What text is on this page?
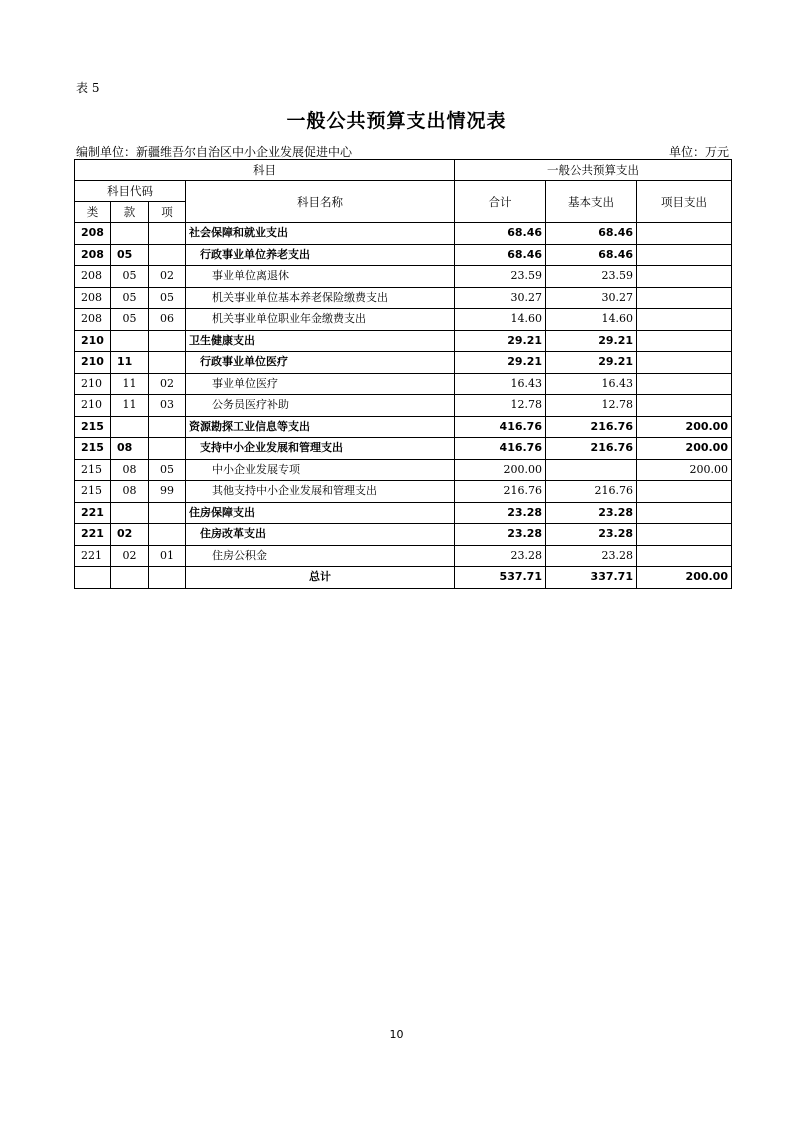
表 5
一般公共预算支出情况表
编制单位：新疆维吾尔自治区中小企业发展促进中心	单位：万元
科目				一般公共预算支出		
科目代码			科目名称	合计	基本支出	项目支出
类	款	项				
208			社会保障和就业支出	68.46	68.46	
208	05		行政事业单位养老支出	68.46	68.46	
208	05	02	事业单位离退休	23.59	23.59	
208	05	05	机关事业单位基本养老保险缴费支出	30.27	30.27	
208	05	06	机关事业单位职业年金缴费支出	14.60	14.60	
210			卫生健康支出	29.21	29.21	
210	11		行政事业单位医疗	29.21	29.21	
210	11	02	事业单位医疗	16.43	16.43	
210	11	03	公务员医疗补助	12.78	12.78	
215			资源勘探工业信息等支出	416.76	216.76	200.00
215	08		支持中小企业发展和管理支出	416.76	216.76	200.00
215	08	05	中小企业发展专项	200.00		200.00
215	08	99	其他支持中小企业发展和管理支出	216.76	216.76	
221			住房保障支出	23.28	23.28	
221	02		住房改革支出	23.28	23.28	
221	02	01	住房公积金	23.28	23.28	
			总计	537.71	337.71	200.00
10
